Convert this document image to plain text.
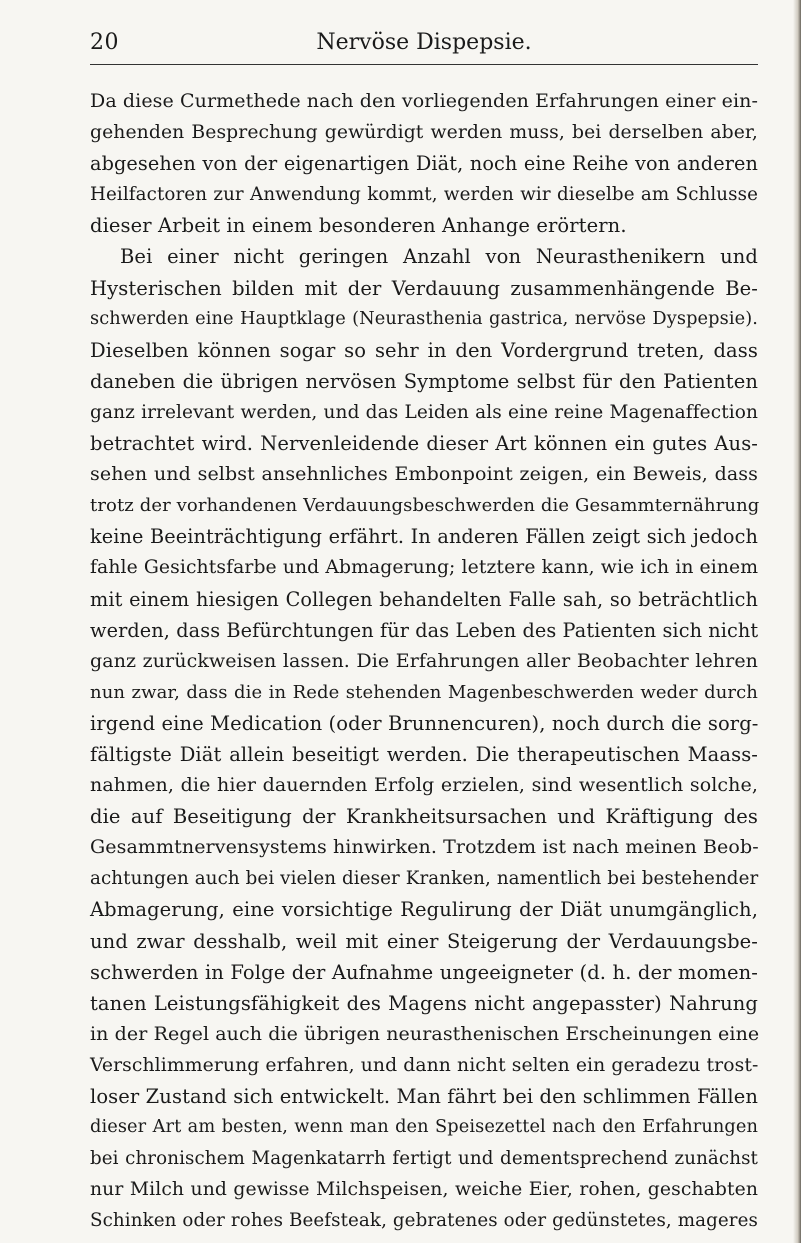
20	Nervöse Dispepsie.
Da diese Curmethede nach den vorliegenden Erfahrungen einer ein-
gehenden Besprechung gewürdigt werden muss, bei derselben aber,
abgesehen von der eigenartigen Diät, noch eine Reihe von anderen
Heilfactoren zur Anwendung kommt, werden wir dieselbe am Schlusse
dieser Arbeit in einem besonderen Anhange erörtern.
Bei einer nicht geringen Anzahl von Neurasthenikern und
Hysterischen bilden mit der Verdauung zusammenhängende Be-
schwerden eine Hauptklage (Neurasthenia gastrica, nervöse Dyspepsie).
Dieselben können sogar so sehr in den Vordergrund treten, dass
daneben die übrigen nervösen Symptome selbst für den Patienten
ganz irrelevant werden, und das Leiden als eine reine Magenaffection
betrachtet wird. Nervenleidende dieser Art können ein gutes Aus-
sehen und selbst ansehnliches Embonpoint zeigen, ein Beweis, dass
trotz der vorhandenen Verdauungsbeschwerden die Gesammternährung
keine Beeinträchtigung erfährt. In anderen Fällen zeigt sich jedoch
fahle Gesichtsfarbe und Abmagerung; letztere kann, wie ich in einem
mit einem hiesigen Collegen behandelten Falle sah, so beträchtlich
werden, dass Befürchtungen für das Leben des Patienten sich nicht
ganz zurückweisen lassen. Die Erfahrungen aller Beobachter lehren
nun zwar, dass die in Rede stehenden Magenbeschwerden weder durch
irgend eine Medication (oder Brunnencuren), noch durch die sorg-
fältigste Diät allein beseitigt werden. Die therapeutischen Maass-
nahmen, die hier dauernden Erfolg erzielen, sind wesentlich solche,
die auf Beseitigung der Krankheitsursachen und Kräftigung des
Gesammtnervensystems hinwirken. Trotzdem ist nach meinen Beob-
achtungen auch bei vielen dieser Kranken, namentlich bei bestehender
Abmagerung, eine vorsichtige Regulirung der Diät unumgänglich,
und zwar desshalb, weil mit einer Steigerung der Verdauungsbe-
schwerden in Folge der Aufnahme ungeeigneter (d. h. der momen-
tanen Leistungsfähigkeit des Magens nicht angepasster) Nahrung
in der Regel auch die übrigen neurasthenischen Erscheinungen eine
Verschlimmerung erfahren, und dann nicht selten ein geradezu trost-
loser Zustand sich entwickelt. Man fährt bei den schlimmen Fällen
dieser Art am besten, wenn man den Speisezettel nach den Erfahrungen
bei chronischem Magenkatarrh fertigt und dementsprechend zunächst
nur Milch und gewisse Milchspeisen, weiche Eier, rohen, geschabten
Schinken oder rohes Beefsteak, gebratenes oder gedünstetes, mageres
